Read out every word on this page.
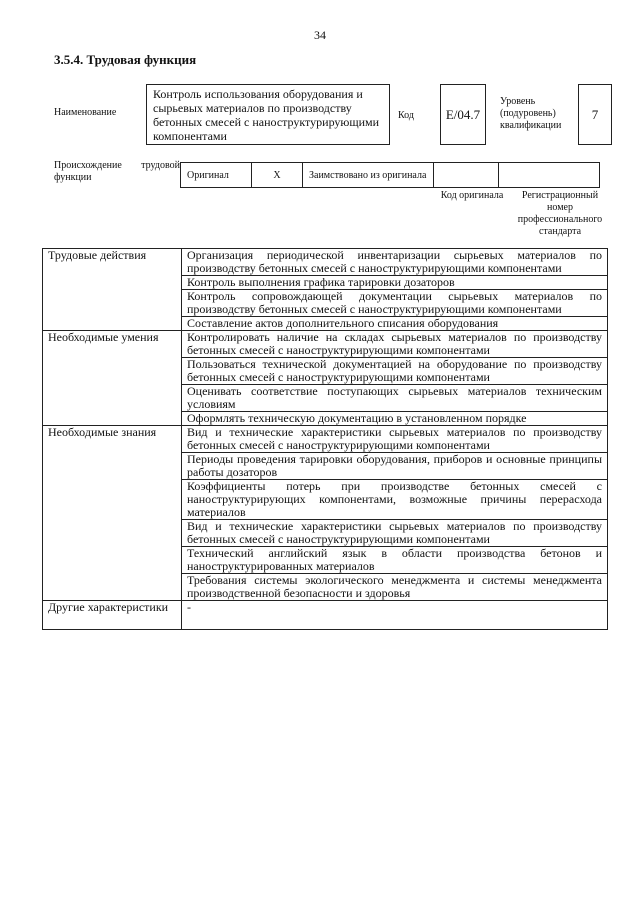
34
3.5.4. Трудовая функция
Наименование
Контроль использования оборудования и сырьевых материалов по производству бетонных смесей с наноструктурирующими компонентами
Код	E/04.7
Уровень (подуровень) квалификации
7
Происхождение трудовой функции	Оригинал	X	Заимствовано из оригинала		
Код оригинала	Регистрационный номер профессионального стандарта
Трудовые действия	Организация периодической инвентаризации сырьевых материалов по производству бетонных смесей с наноструктурирующими компонентами
	Контроль выполнения графика тарировки дозаторов
	Контроль сопровождающей документации сырьевых материалов по производству бетонных смесей с наноструктурирующими компонентами
	Составление актов дополнительного списания оборудования
Необходимые умения	Контролировать наличие на складах сырьевых материалов по производству бетонных смесей с наноструктурирующими компонентами
	Пользоваться технической документацией на оборудование по производству бетонных смесей с наноструктурирующими компонентами
	Оценивать соответствие поступающих сырьевых материалов техническим условиям
	Оформлять техническую документацию в установленном порядке
Необходимые знания	Вид и технические характеристики сырьевых материалов по производству бетонных смесей с наноструктурирующими компонентами
	Периоды проведения тарировки оборудования, приборов и основные принципы работы дозаторов
	Коэффициенты потерь при производстве бетонных смесей с наноструктурирующих компонентами, возможные причины перерасхода материалов
	Вид и технические характеристики сырьевых материалов по производству бетонных смесей с наноструктурирующими компонентами
	Технический английский язык в области производства бетонов и наноструктурированных материалов
	Требования системы экологического менеджмента и системы менеджмента производственной безопасности и здоровья
Другие характеристики	-
